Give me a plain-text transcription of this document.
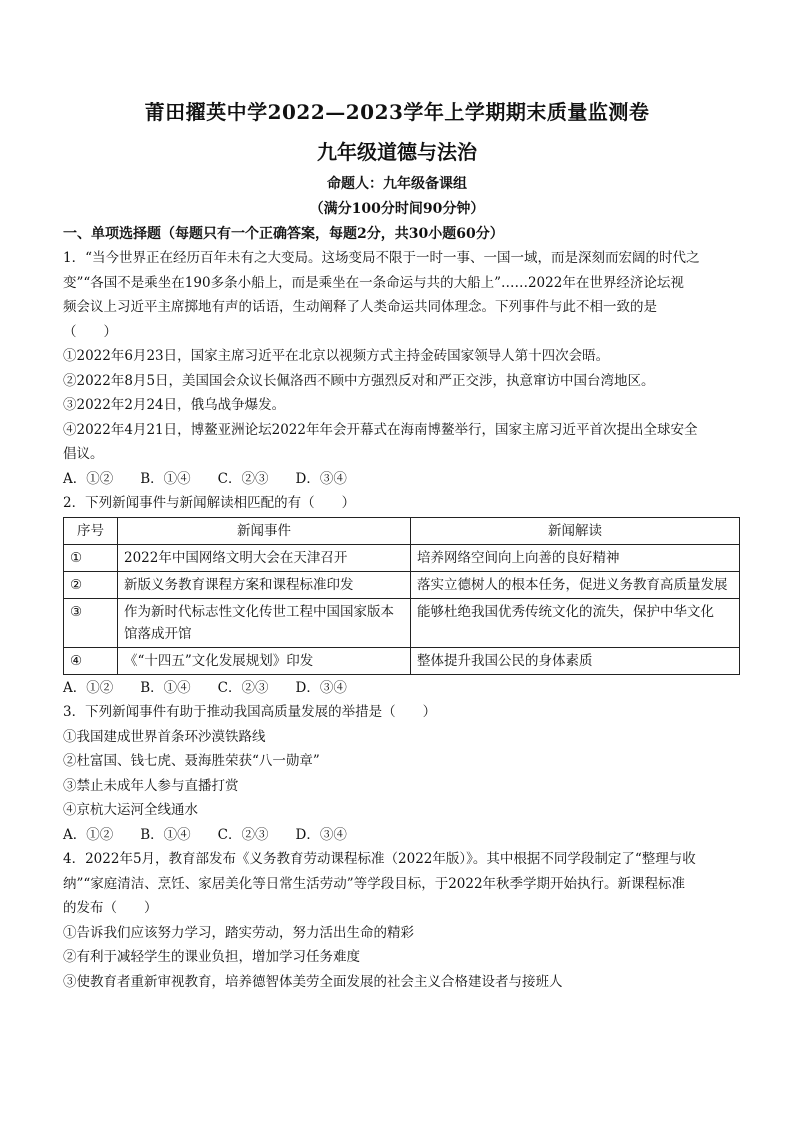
莆田擢英中学2022—2023学年上学期期末质量监测卷
九年级道德与法治
命题人：九年级备课组
（满分100分时间90分钟）
一、单项选择题（每题只有一个正确答案，每题2分，共30小题60分）
1．“当今世界正在经历百年未有之大变局。这场变局不限于一时一事、一国一域，而是深刻而宏阔的时代之
变”“各国不是乘坐在190多条小船上，而是乘坐在一条命运与共的大船上”……2022年在世界经济论坛视
频会议上习近平主席掷地有声的话语，生动阐释了人类命运共同体理念。下列事件与此不相一致的是
（　　）
①2022年6月23日，国家主席习近平在北京以视频方式主持金砖国家领导人第十四次会晤。
②2022年8月5日，美国国会众议长佩洛西不顾中方强烈反对和严正交涉，执意窜访中国台湾地区。
③2022年2月24日，俄乌战争爆发。
④2022年4月21日，博鳌亚洲论坛2022年年会开幕式在海南博鳌举行，国家主席习近平首次提出全球安全
倡议。
A．①②　　B．①④　　C．②③　　D．③④
2．下列新闻事件与新闻解读相匹配的有（　　）
序号	新闻事件	新闻解读
①	2022年中国网络文明大会在天津召开	培养网络空间向上向善的良好精神
②	新版义务教育课程方案和课程标准印发	落实立德树人的根本任务，促进义务教育高质量发展
③	作为新时代标志性文化传世工程中国国家版本馆落成开馆	能够杜绝我国优秀传统文化的流失，保护中华文化
④	《“十四五”文化发展规划》印发	整体提升我国公民的身体素质
A．①②　　B．①④　　C．②③　　D．③④
3．下列新闻事件有助于推动我国高质量发展的举措是（　　）
①我国建成世界首条环沙漠铁路线
②杜富国、钱七虎、聂海胜荣获“八一勋章”
③禁止未成年人参与直播打赏
④京杭大运河全线通水
A．①②　　B．①④　　C．②③　　D．③④
4．2022年5月，教育部发布《义务教育劳动课程标准（2022年版）》。其中根据不同学段制定了“整理与收
纳”“家庭清洁、烹饪、家居美化等日常生活劳动”等学段目标，于2022年秋季学期开始执行。新课程标准
的发布（　　）
①告诉我们应该努力学习，踏实劳动，努力活出生命的精彩
②有利于减轻学生的课业负担，增加学习任务难度
③使教育者重新审视教育，培养德智体美劳全面发展的社会主义合格建设者与接班人
